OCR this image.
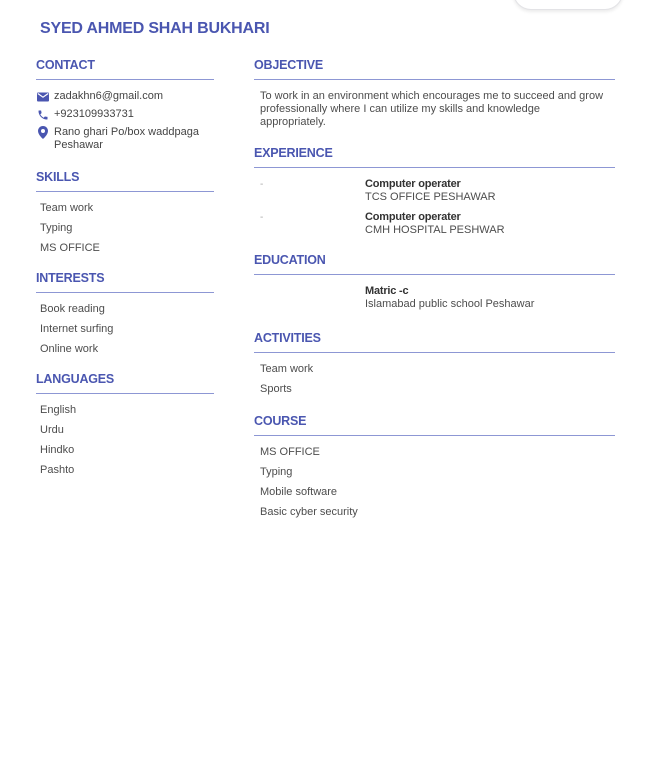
SYED AHMED SHAH BUKHARI
CONTACT
zadakhn6@gmail.com
+923109933731
Rano ghari Po/box waddpaga
Peshawar
SKILLS
Team work
Typing
MS OFFICE
INTERESTS
Book reading
Internet surfing
Online work
LANGUAGES
English
Urdu
Hindko
Pashto
OBJECTIVE
To work in an environment which encourages me to succeed and grow professionally where I can utilize my skills and knowledge appropriately.
EXPERIENCE
-	Computer operater
TCS OFFICE PESHAWAR
-	Computer operater
CMH HOSPITAL PESHWAR
EDUCATION
Matric -c
Islamabad public school Peshawar
ACTIVITIES
Team work
Sports
COURSE
MS OFFICE
Typing
Mobile software
Basic cyber security
